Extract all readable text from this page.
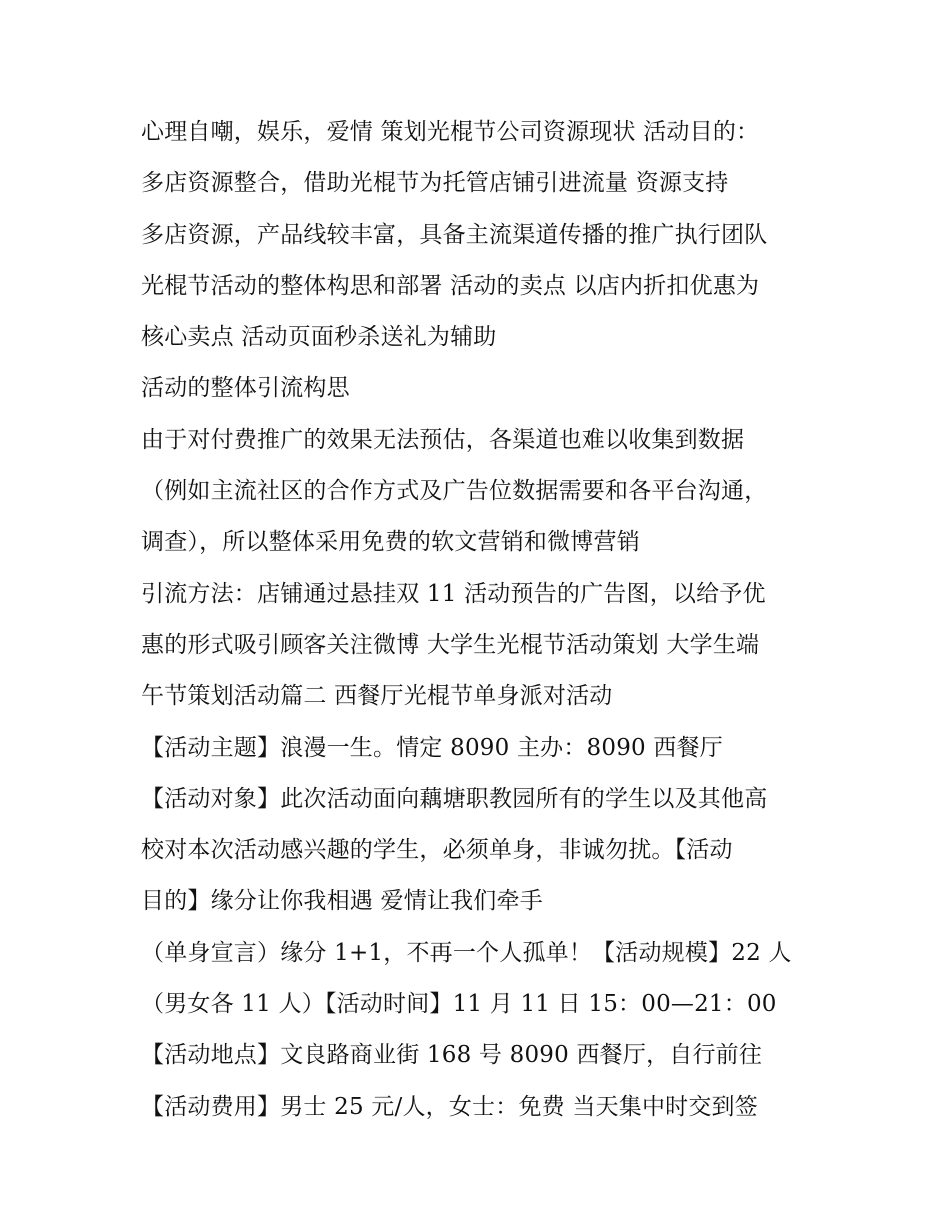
心理自嘲，娱乐，爱情 策划光棍节公司资源现状 活动目的：
多店资源整合，借助光棍节为托管店铺引进流量 资源支持
多店资源，产品线较丰富，具备主流渠道传播的推广执行团队
光棍节活动的整体构思和部署 活动的卖点 以店内折扣优惠为
核心卖点 活动页面秒杀送礼为辅助
活动的整体引流构思
由于对付费推广的效果无法预估，各渠道也难以收集到数据
（例如主流社区的合作方式及广告位数据需要和各平台沟通，
调查），所以整体采用免费的软文营销和微博营销
引流方法：店铺通过悬挂双 11 活动预告的广告图，以给予优
惠的形式吸引顾客关注微博 大学生光棍节活动策划 大学生端
午节策划活动篇二 西餐厅光棍节单身派对活动
【活动主题】浪漫一生。情定 8090 主办：8090 西餐厅
【活动对象】此次活动面向藕塘职教园所有的学生以及其他高
校对本次活动感兴趣的学生，必须单身，非诚勿扰。【活动
目的】缘分让你我相遇 爱情让我们牵手
（单身宣言）缘分 1+1，不再一个人孤单！【活动规模】22 人
（男女各 11 人）【活动时间】11 月 11 日 15：00—21：00
【活动地点】文良路商业街 168 号 8090 西餐厅，自行前往
【活动费用】男士 25 元/人，女士：免费 当天集中时交到签
